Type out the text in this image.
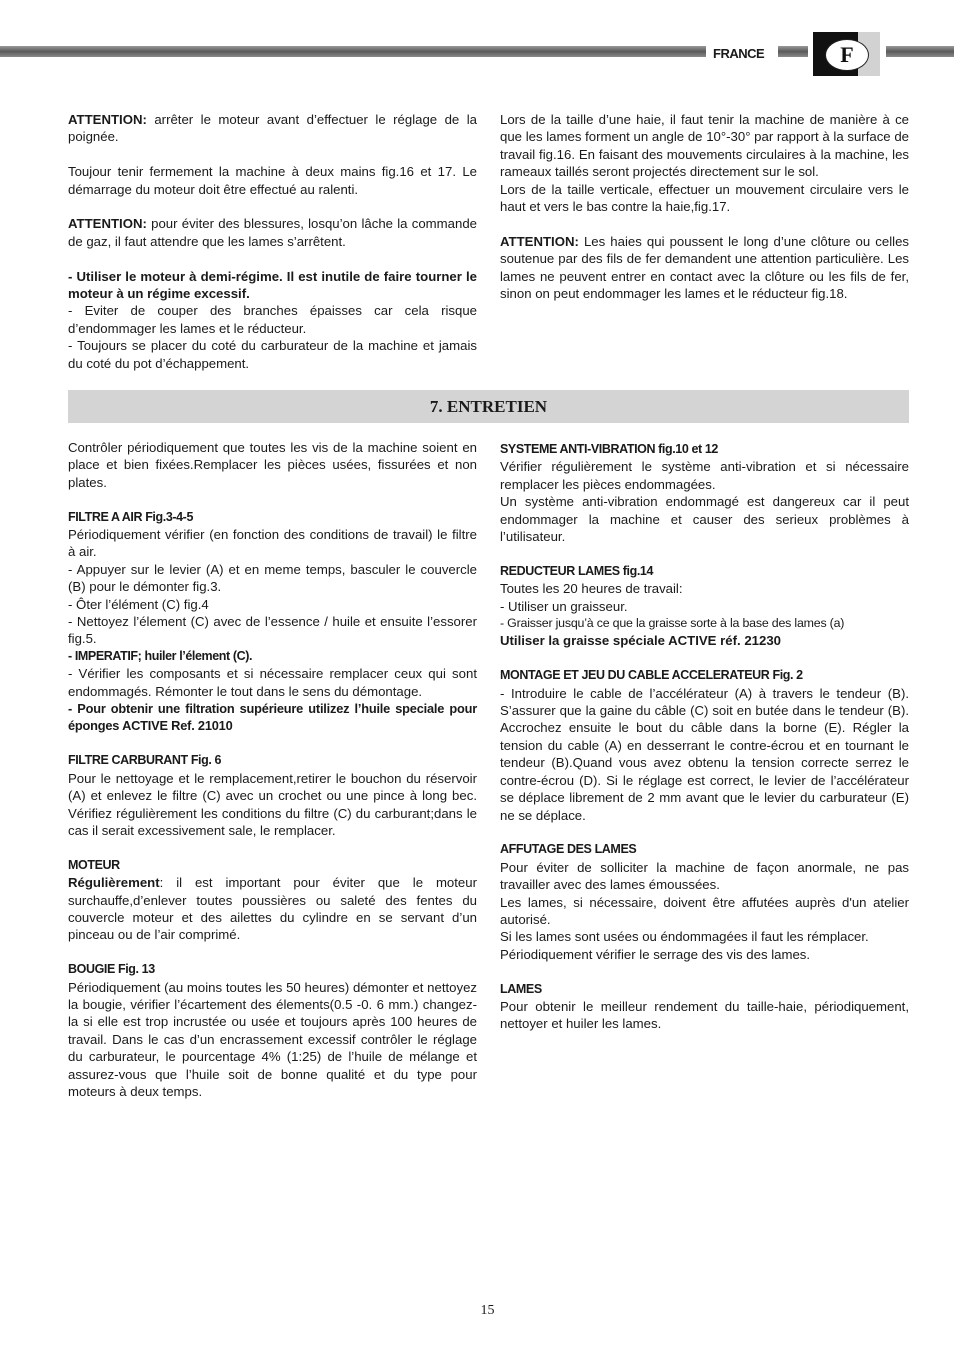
FRANCE	F

ATTENTION: arrêter le moteur avant d’effectuer le réglage de la poignée.

Toujour tenir fermement la machine à deux mains fig.16 et 17. Le démarrage du moteur doit être effectué au ralenti.

ATTENTION: pour éviter des blessures, losqu’on lâche la commande de gaz, il faut attendre que les lames s’arrêtent.

- Utiliser le moteur à demi-régime. Il est inutile de faire tourner le moteur à un régime excessif.
- Eviter de couper des branches épaisses car cela risque d’endommager les lames et le réducteur.
- Toujours se placer du coté du carburateur de la machine et jamais du coté du pot d’échappement.

Lors de la taille d’une haie, il faut tenir la machine de manière à ce que les lames forment un angle de 10°-30° par rapport à la surface de travail fig.16. En faisant des mouvements circulaires à la machine, les rameaux taillés seront projectés directement sur le sol.
Lors de la taille verticale, effectuer un mouvement circulaire vers le haut et vers le bas contre la haie,fig.17.

ATTENTION: Les haies qui poussent le long d’une clôture ou celles soutenue par des fils de fer demandent une attention particulière. Les lames ne peuvent entrer en contact avec la clôture ou les fils de fer, sinon on peut endommager les lames et le réducteur fig.18.

7. ENTRETIEN

Contrôler périodiquement que toutes les vis de la machine soient en place et bien fixées.Remplacer les pièces usées, fissurées et non plates.

FILTRE A AIR Fig.3-4-5
Périodiquement vérifier (en fonction des conditions de travail) le filtre à air.
- Appuyer sur le levier (A) et en meme temps, basculer le couvercle (B) pour le démonter fig.3.
- Ôter l’élément (C) fig.4
- Nettoyez l’élement (C) avec de l’essence / huile et ensuite l’essorer fig.5.
- IMPERATIF; huiler l’élement (C).
- Vérifier les composants et si nécessaire remplacer ceux qui sont endommagés. Rémonter le tout dans le sens du démontage.
- Pour obtenir une filtration supérieure utilizez l’huile speciale pour éponges ACTIVE Ref. 21010

FILTRE CARBURANT Fig. 6
Pour le nettoyage et le remplacement,retirer le bouchon du réservoir (A) et enlevez le filtre (C) avec un crochet ou une pince à long bec. Vérifiez régulièrement les conditions du filtre (C) du carburant;dans le cas il serait excessivement sale, le remplacer.

MOTEUR
Régulièrement: il est important pour éviter que le moteur surchauffe,d’enlever toutes poussières ou saleté des fentes du couvercle moteur et des ailettes du cylindre en se servant d’un pinceau ou de l’air comprimé.

BOUGIE Fig. 13
Périodiquement (au moins toutes les 50 heures) démonter et nettoyez la bougie, vérifier l’écartement des élements(0.5 -0. 6 mm.) changez-la si elle est trop incrustée ou usée et toujours après 100 heures de travail. Dans le cas d’un encrassement excessif contrôler le réglage du carburateur, le pourcentage 4% (1:25) de l’huile de mélange et assurez-vous que l’huile soit de bonne qualité et du type pour moteurs à deux temps.

SYSTEME ANTI-VIBRATION fig.10 et 12
Vérifier régulièrement le système anti-vibration et si nécessaire remplacer les pièces endommagées.
Un système anti-vibration endommagé est dangereux car il peut endommager la machine et causer des serieux problèmes à l’utilisateur.

REDUCTEUR LAMES fig.14
Toutes les 20 heures de travail:
- Utiliser un graisseur.
- Graisser jusqu’à ce que la graisse sorte à la base des lames (a)
Utiliser la graisse spéciale ACTIVE réf. 21230

MONTAGE ET JEU DU CABLE ACCELERATEUR Fig. 2
- Introduire le cable de l’accélérateur (A) à travers le tendeur (B). S’assurer que la gaine du câble (C) soit en butée dans le tendeur (B). Accrochez ensuite le bout du câble dans la borne (E). Régler la tension du cable (A) en desserrant le contre-écrou et en tournant le tendeur (B).Quand vous avez obtenu la tension correcte serrez le contre-écrou (D). Si le réglage est correct, le levier de l’accélérateur se déplace librement de 2 mm avant que le levier du carburateur (E) ne se déplace.

AFFUTAGE DES LAMES
Pour éviter de solliciter la machine de façon anormale, ne pas travailler avec des lames émoussées.
Les lames, si nécessaire, doivent être affutées auprès d'un atelier autorisé.
Si les lames sont usées ou éndommagées il faut les rémplacer.
Périodiquement vérifier le serrage des vis des lames.

LAMES
Pour obtenir le meilleur rendement du taille-haie, périodiquement, nettoyer et huiler les lames.

15
